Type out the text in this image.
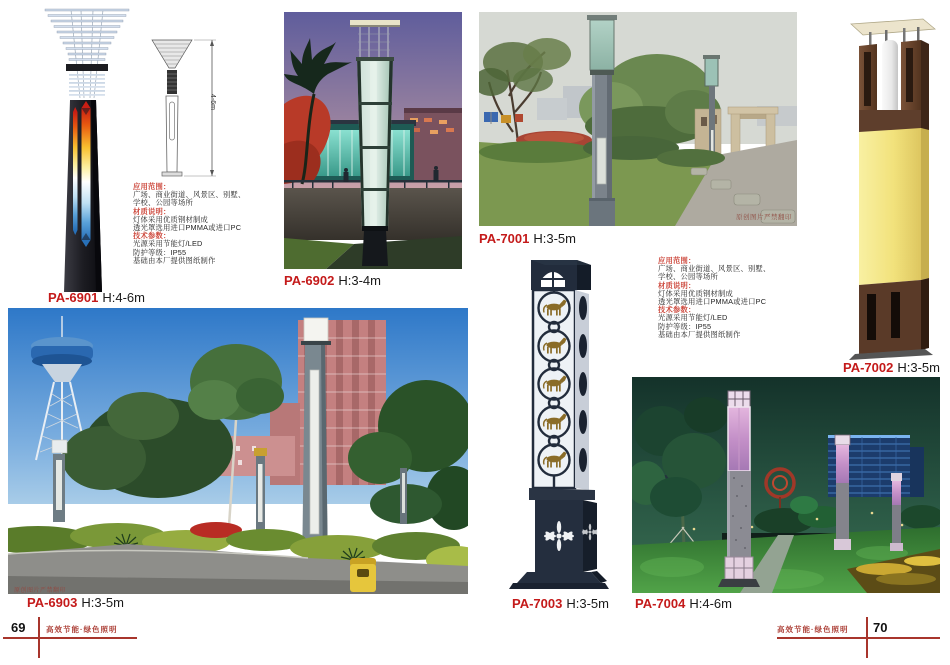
4-6m
应用范围：
广场、商业街道、风景区、别墅、
学校、公园等场所
材质说明：
灯体采用优质钢材制成
透光罩选用进口PMMA或进口PC
技术参数：
光源采用节能灯/LED
防护等级：IP55
基础由本厂提供图纸制作
PA-6901 H:4-6m
PA-6902 H:3-4m
原创图片严禁翻印
PA-7001 H:3-5m
应用范围：
广场、商业街道、风景区、别墅、
学校、公园等场所
材质说明：
灯体采用优质钢材制成
透光罩选用进口PMMA或进口PC
技术参数：
光源采用节能灯/LED
防护等级：IP55
基础由本厂提供图纸制作
PA-7002 H:3-5m
原创图片严禁翻印
PA-6903 H:3-5m	PA-7003 H:3-5m PA-7004 H:4-6m
69	高效节能·绿色照明	高效节能·绿色照明 70
